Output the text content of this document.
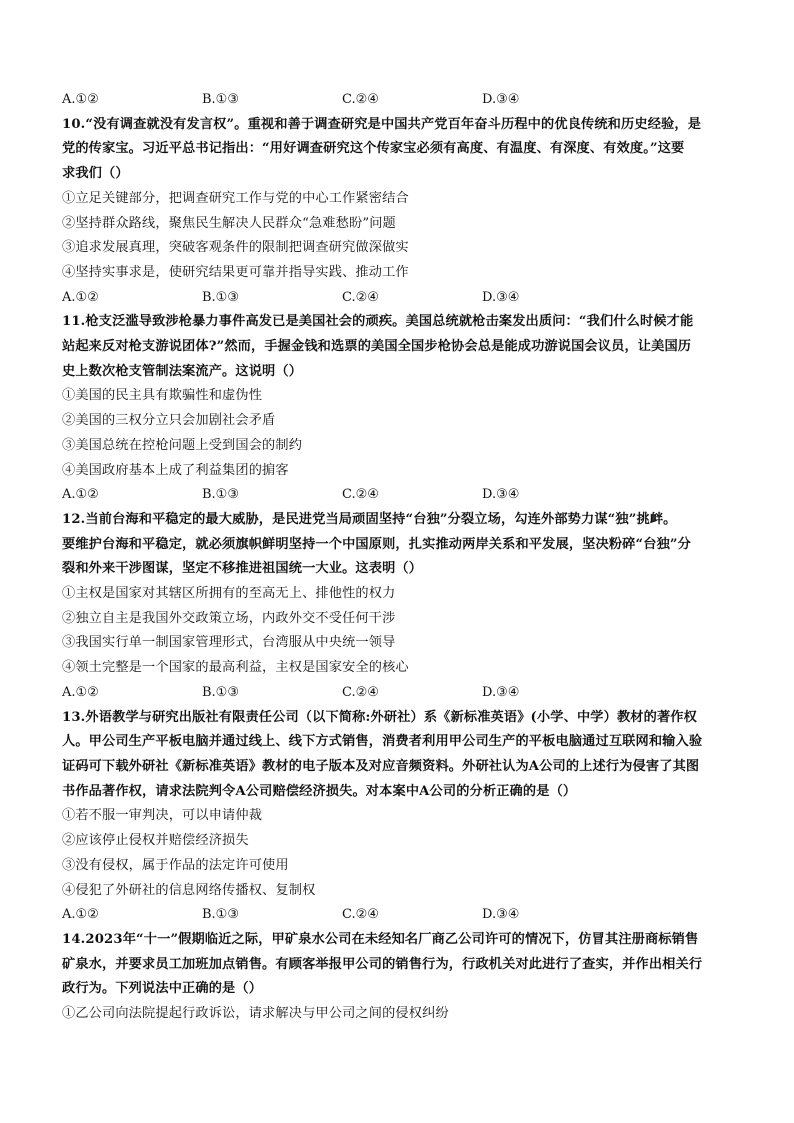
A.①②	B.①③	C.②④	D.③④
10.“没有调查就没有发言权”。重视和善于调查研究是中国共产党百年奋斗历程中的优良传统和历史经验，是
党的传家宝。习近平总书记指出：“用好调查研究这个传家宝必须有高度、有温度、有深度、有效度。”这要
求我们（）
①立足关键部分，把调查研究工作与党的中心工作紧密结合
②坚持群众路线，聚焦民生解决人民群众“急难愁盼”问题
③追求发展真理，突破客观条件的限制把调查研究做深做实
④坚持实事求是，使研究结果更可靠并指导实践、推动工作
A.①②	B.①③	C.②④	D.③④
11.枪支泛滥导致涉枪暴力事件高发已是美国社会的顽疾。美国总统就枪击案发出质问：“我们什么时候才能
站起来反对枪支游说团体?”然而，手握金钱和选票的美国全国步枪协会总是能成功游说国会议员，让美国历
史上数次枪支管制法案流产。这说明（）
①美国的民主具有欺骗性和虚伪性
②美国的三权分立只会加剧社会矛盾
③美国总统在控枪问题上受到国会的制约
④美国政府基本上成了利益集团的掮客
A.①②	B.①③	C.②④	D.③④
12.当前台海和平稳定的最大威胁，是民进党当局顽固坚持“台独”分裂立场，勾连外部势力谋“独”挑衅。
要维护台海和平稳定，就必须旗帜鲜明坚持一个中国原则，扎实推动两岸关系和平发展，坚决粉碎“台独”分
裂和外来干涉图谋，坚定不移推进祖国统一大业。这表明（）
①主权是国家对其辖区所拥有的至高无上、排他性的权力
②独立自主是我国外交政策立场，内政外交不受任何干涉
③我国实行单一制国家管理形式，台湾服从中央统一领导
④领土完整是一个国家的最高利益，主权是国家安全的核心
A.①②	B.①③	C.②④	D.③④
13.外语教学与研究出版社有限责任公司（以下简称:外研社）系《新标准英语》(小学、中学）教材的著作权
人。甲公司生产平板电脑并通过线上、线下方式销售，消费者利用甲公司生产的平板电脑通过互联网和输入验
证码可下载外研社《新标准英语》教材的电子版本及对应音频资料。外研社认为A公司的上述行为侵害了其图
书作品著作权，请求法院判令A公司赔偿经济损失。对本案中A公司的分析正确的是（）
①若不服一审判决，可以申请仲裁
②应该停止侵权并赔偿经济损失
③没有侵权，属于作品的法定许可使用
④侵犯了外研社的信息网络传播权、复制权
A.①②	B.①③	C.②④	D.③④
14.2023年“十一”假期临近之际，甲矿泉水公司在未经知名厂商乙公司许可的情况下，仿冒其注册商标销售
矿泉水，并要求员工加班加点销售。有顾客举报甲公司的销售行为，行政机关对此进行了查实，并作出相关行
政行为。下列说法中正确的是（）
①乙公司向法院提起行政诉讼，请求解决与甲公司之间的侵权纠纷
